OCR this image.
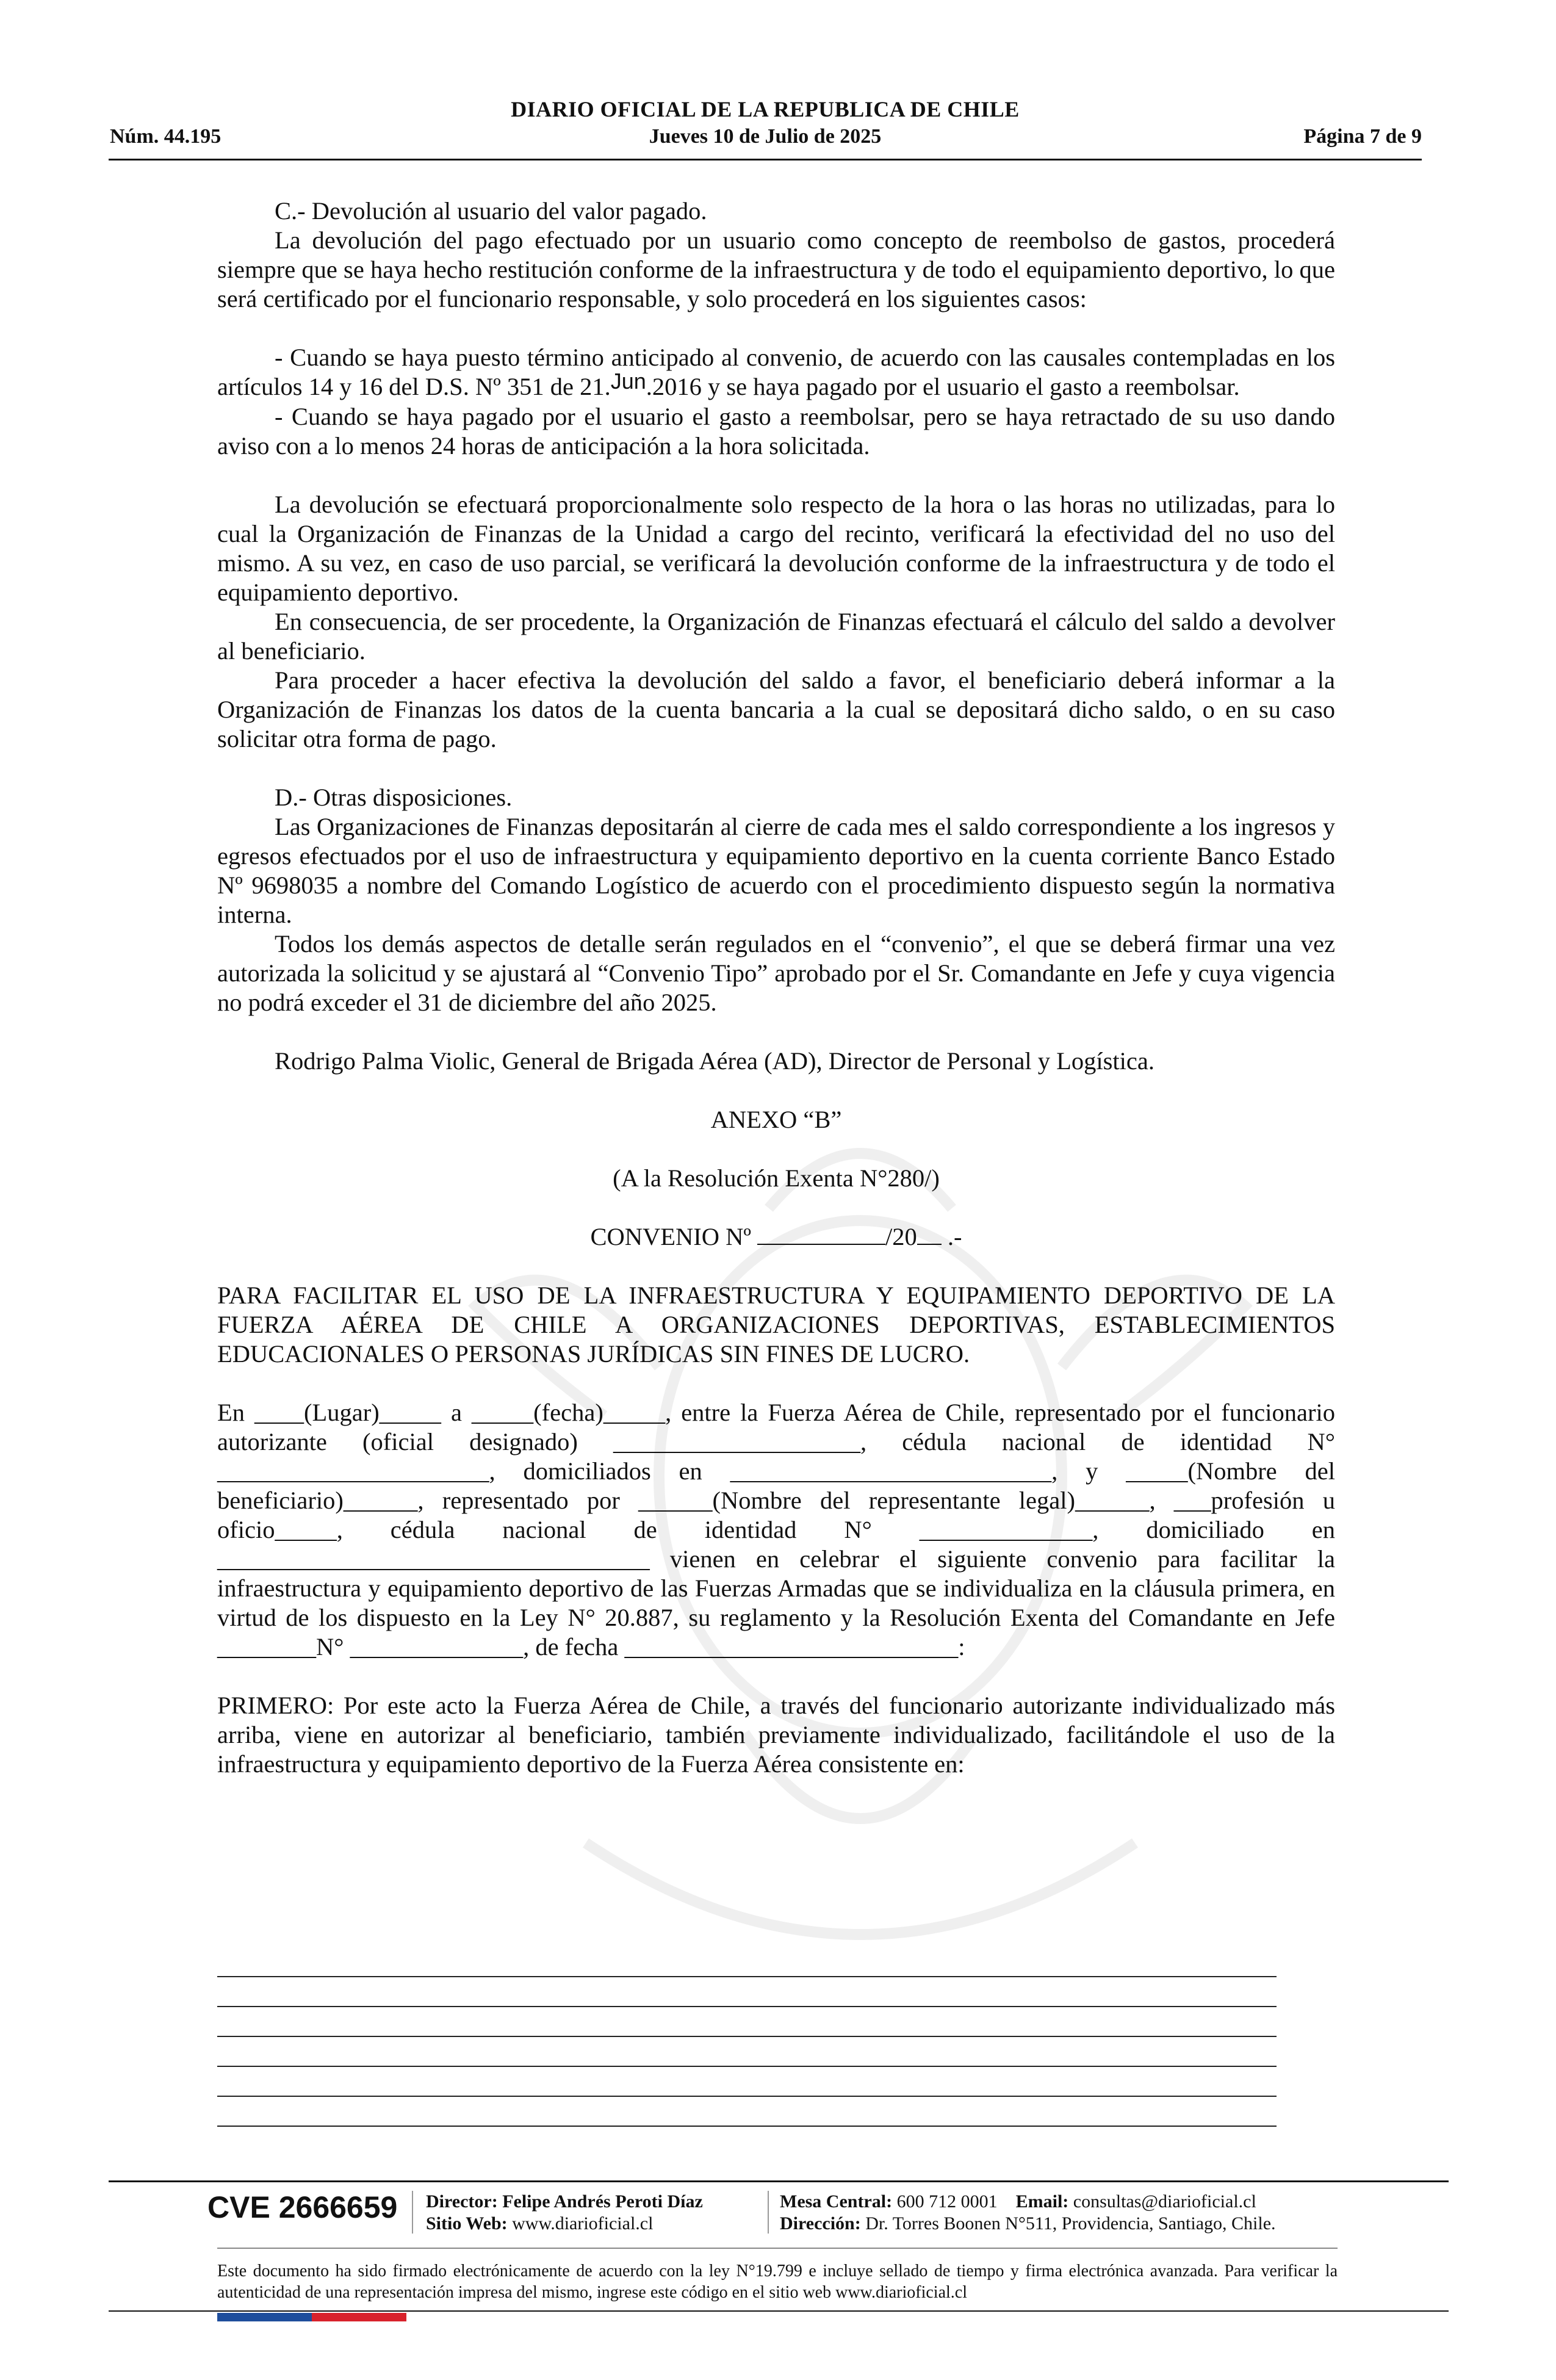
DIARIO OFICIAL DE LA REPUBLICA DE CHILE
Núm. 44.195	Jueves 10 de Julio de 2025	Página 7 de 9

C.- Devolución al usuario del valor pagado.

La devolución del pago efectuado por un usuario como concepto de reembolso de gastos, procederá siempre que se haya hecho restitución conforme de la infraestructura y de todo el equipamiento deportivo, lo que será certificado por el funcionario responsable, y solo procederá en los siguientes casos:

- Cuando se haya puesto término anticipado al convenio, de acuerdo con las causales contempladas en los artículos 14 y 16 del D.S. Nº 351 de 21.Jun.2016 y se haya pagado por el usuario el gasto a reembolsar.

- Cuando se haya pagado por el usuario el gasto a reembolsar, pero se haya retractado de su uso dando aviso con a lo menos 24 horas de anticipación a la hora solicitada.

La devolución se efectuará proporcionalmente solo respecto de la hora o las horas no utilizadas, para lo cual la Organización de Finanzas de la Unidad a cargo del recinto, verificará la efectividad del no uso del mismo. A su vez, en caso de uso parcial, se verificará la devolución conforme de la infraestructura y de todo el equipamiento deportivo.

En consecuencia, de ser procedente, la Organización de Finanzas efectuará el cálculo del saldo a devolver al beneficiario.

Para proceder a hacer efectiva la devolución del saldo a favor, el beneficiario deberá informar a la Organización de Finanzas los datos de la cuenta bancaria a la cual se depositará dicho saldo, o en su caso solicitar otra forma de pago.

D.- Otras disposiciones.

Las Organizaciones de Finanzas depositarán al cierre de cada mes el saldo correspondiente a los ingresos y egresos efectuados por el uso de infraestructura y equipamiento deportivo en la cuenta corriente Banco Estado Nº 9698035 a nombre del Comando Logístico de acuerdo con el procedimiento dispuesto según la normativa interna.

Todos los demás aspectos de detalle serán regulados en el “convenio”, el que se deberá firmar una vez autorizada la solicitud y se ajustará al “Convenio Tipo” aprobado por el Sr. Comandante en Jefe y cuya vigencia no podrá exceder el 31 de diciembre del año 2025.

Rodrigo Palma Violic, General de Brigada Aérea (AD), Director de Personal y Logística.

ANEXO “B”

(A la Resolución Exenta N°280/)

CONVENIO Nº	/20 .-

PARA FACILITAR EL USO DE LA INFRAESTRUCTURA Y EQUIPAMIENTO DEPORTIVO DE LA FUERZA AÉREA DE CHILE A ORGANIZACIONES DEPORTIVAS, ESTABLECIMIENTOS EDUCACIONALES O PERSONAS JURÍDICAS SIN FINES DE LUCRO.

En ____(Lugar)_____ a _____(fecha)_____, entre la Fuerza Aérea de Chile, representado por el funcionario autorizante (oficial designado) ____________________, cédula nacional de identidad N° ______________________, domiciliados en __________________________, y _____(Nombre del beneficiario)______, representado por ______(Nombre del representante legal)______, ___profesión u oficio_____, cédula nacional de identidad N° ______________, domiciliado en ___________________________________ vienen en celebrar el siguiente convenio para facilitar la infraestructura y equipamiento deportivo de las Fuerzas Armadas que se individualiza en la cláusula primera, en virtud de los dispuesto en la Ley N° 20.887, su reglamento y la Resolución Exenta del Comandante en Jefe ________N° ______________, de fecha ___________________________:

PRIMERO: Por este acto la Fuerza Aérea de Chile, a través del funcionario autorizante individualizado más arriba, viene en autorizar al beneficiario, también previamente individualizado, facilitándole el uso de la infraestructura y equipamiento deportivo de la Fuerza Aérea consistente en:

CVE 2666659 Director: Felipe Andrés Peroti Díaz
Sitio Web: www.diarioficial.cl
Mesa Central: 600 712 0001 Email: consultas@diarioficial.cl
Dirección: Dr. Torres Boonen N°511, Providencia, Santiago, Chile.
Este documento ha sido firmado electrónicamente de acuerdo con la ley N°19.799 e incluye sellado de tiempo y firma electrónica avanzada. Para verificar la autenticidad de una representación impresa del mismo, ingrese este código en el sitio web www.diarioficial.cl
